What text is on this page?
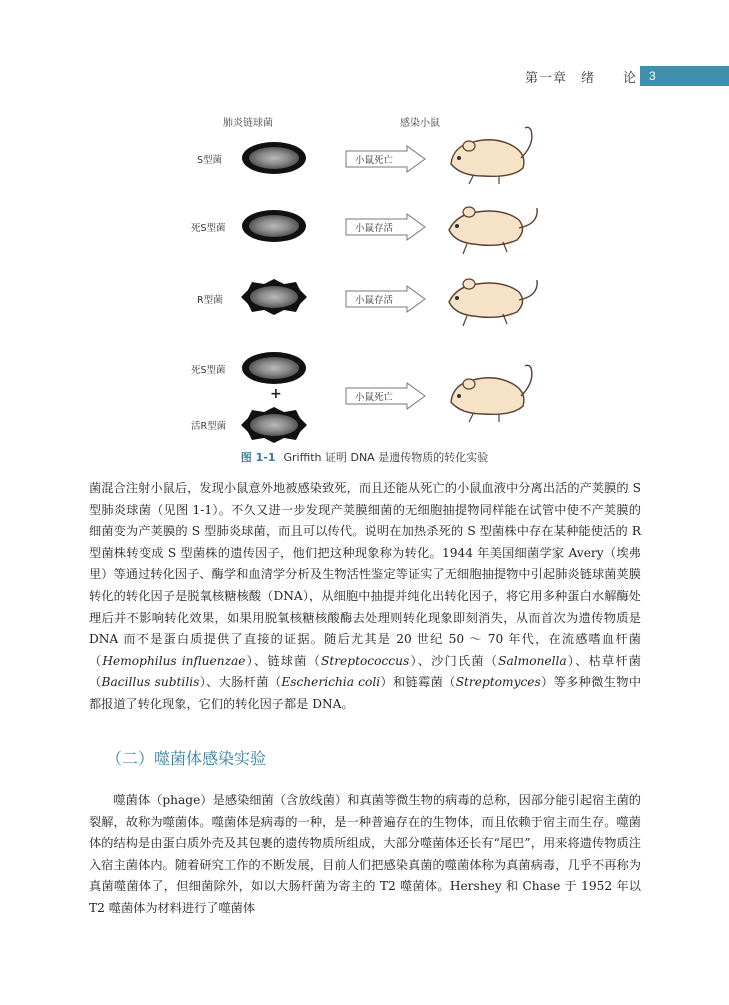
第一章　绪　　论	3
肺炎链球菌	感染小鼠
S型菌	小鼠死亡
死S型菌	小鼠存活
R型菌	小鼠存活
死S型菌
+
活R型菌
小鼠死亡
图 1-1 Griffith 证明 DNA 是遗传物质的转化实验

菌混合注射小鼠后，发现小鼠意外地被感染致死，而且还能从死亡的小鼠血液中分离出活的产荚膜的 S 型肺炎球菌（见图 1-1）。不久又进一步发现产荚膜细菌的无细胞抽提物同样能在试管中使不产荚膜的细菌变为产荚膜的 S 型肺炎球菌，而且可以传代。说明在加热杀死的 S 型菌株中存在某种能使活的 R 型菌株转变成 S 型菌株的遗传因子，他们把这种现象称为转化。1944 年美国细菌学家 Avery（埃弗里）等通过转化因子、酶学和血清学分析及生物活性鉴定等证实了无细胞抽提物中引起肺炎链球菌荚膜转化的转化因子是脱氧核糖核酸（DNA），从细胞中抽提并纯化出转化因子，将它用多种蛋白水解酶处理后并不影响转化效果，如果用脱氧核糖核酸酶去处理则转化现象即刻消失，从而首次为遗传物质是 DNA 而不是蛋白质提供了直接的证据。随后尤其是 20 世纪 50 ～ 70 年代，在流感嗜血杆菌（Hemophilus influenzae）、链球菌（Streptococcus）、沙门氏菌（Salmonella）、枯草杆菌（Bacillus subtilis）、大肠杆菌（Escherichia coli）和链霉菌（Streptomyces）等多种微生物中都报道了转化现象，它们的转化因子都是 DNA。

（二）噬菌体感染实验

噬菌体（phage）是感染细菌（含放线菌）和真菌等微生物的病毒的总称，因部分能引起宿主菌的裂解，故称为噬菌体。噬菌体是病毒的一种，是一种普遍存在的生物体，而且依赖于宿主而生存。噬菌体的结构是由蛋白质外壳及其包裹的遗传物质所组成，大部分噬菌体还长有“尾巴”，用来将遗传物质注入宿主菌体内。随着研究工作的不断发展，目前人们把感染真菌的噬菌体称为真菌病毒，几乎不再称为真菌噬菌体了，但细菌除外，如以大肠杆菌为寄主的 T2 噬菌体。Hershey 和 Chase 于 1952 年以 T2 噬菌体为材料进行了噬菌体
